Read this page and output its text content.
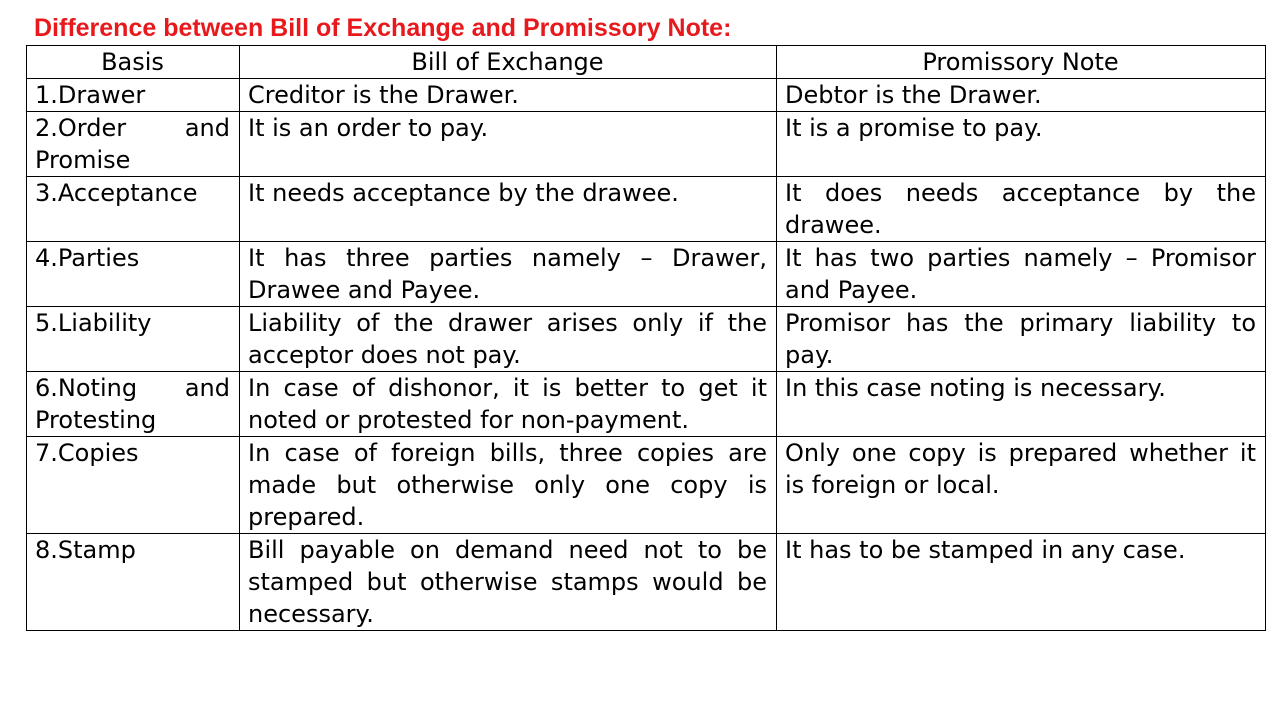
Difference between Bill of Exchange and Promissory Note:
Basis	Bill of Exchange	Promissory Note
1.Drawer	Creditor is the Drawer.	Debtor is the Drawer.
2.Order and Promise	It is an order to pay.	It is a promise to pay.
3.Acceptance	It needs acceptance by the drawee.	It does needs acceptance by the drawee.
4.Parties	It has three parties namely – Drawer, Drawee and Payee.	It has two parties namely – Promisor and Payee.
5.Liability	Liability of the drawer arises only if the acceptor does not pay.	Promisor has the primary liability to pay.
6.Noting and Protesting	In case of dishonor, it is better to get it noted or protested for non-payment.	In this case noting is necessary.
7.Copies	In case of foreign bills, three copies are made but otherwise only one copy is prepared.	Only one copy is prepared whether it is foreign or local.
8.Stamp	Bill payable on demand need not to be stamped but otherwise stamps would be necessary.	It has to be stamped in any case.
